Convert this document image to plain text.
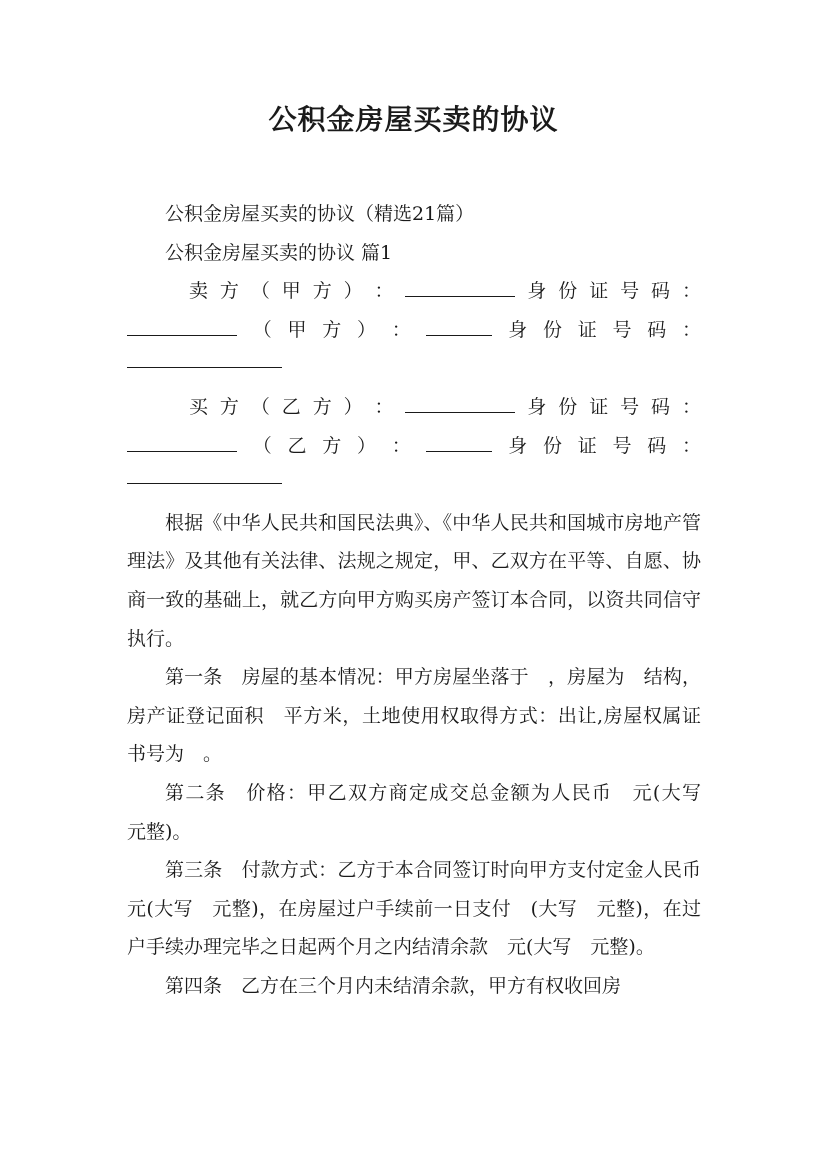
公积金房屋买卖的协议

公积金房屋买卖的协议（精选21篇）

公积金房屋买卖的协议 篇1

卖 方 （ 甲 方 ） ：	身 份 证 号 码 ：
（ 甲 方 ） ：	身 份 证 号 码 ：
买 方 （ 乙 方 ） ：	身 份 证 号 码 ：
（ 乙 方 ） ：	身 份 证 号 码 ：

根据《中华人民共和国民法典》、《中华人民共和国城市房地产管理法》及其他有关法律、法规之规定，甲、乙双方在平等、自愿、协商一致的基础上，就乙方向甲方购买房产签订本合同，以资共同信守执行。

第一条　房屋的基本情况：甲方房屋坐落于　，房屋为　结构，房产证登记面积　平方米，土地使用权取得方式：出让,房屋权属证书号为　。

第二条　价格：甲乙双方商定成交总金额为人民币　元(大写　元整)。

第三条　付款方式：乙方于本合同签订时向甲方支付定金人民币　元(大写　元整)，在房屋过户手续前一日支付　(大写　元整)，在过户手续办理完毕之日起两个月之内结清余款　元(大写　元整)。

第四条　乙方在三个月内未结清余款，甲方有权收回房
